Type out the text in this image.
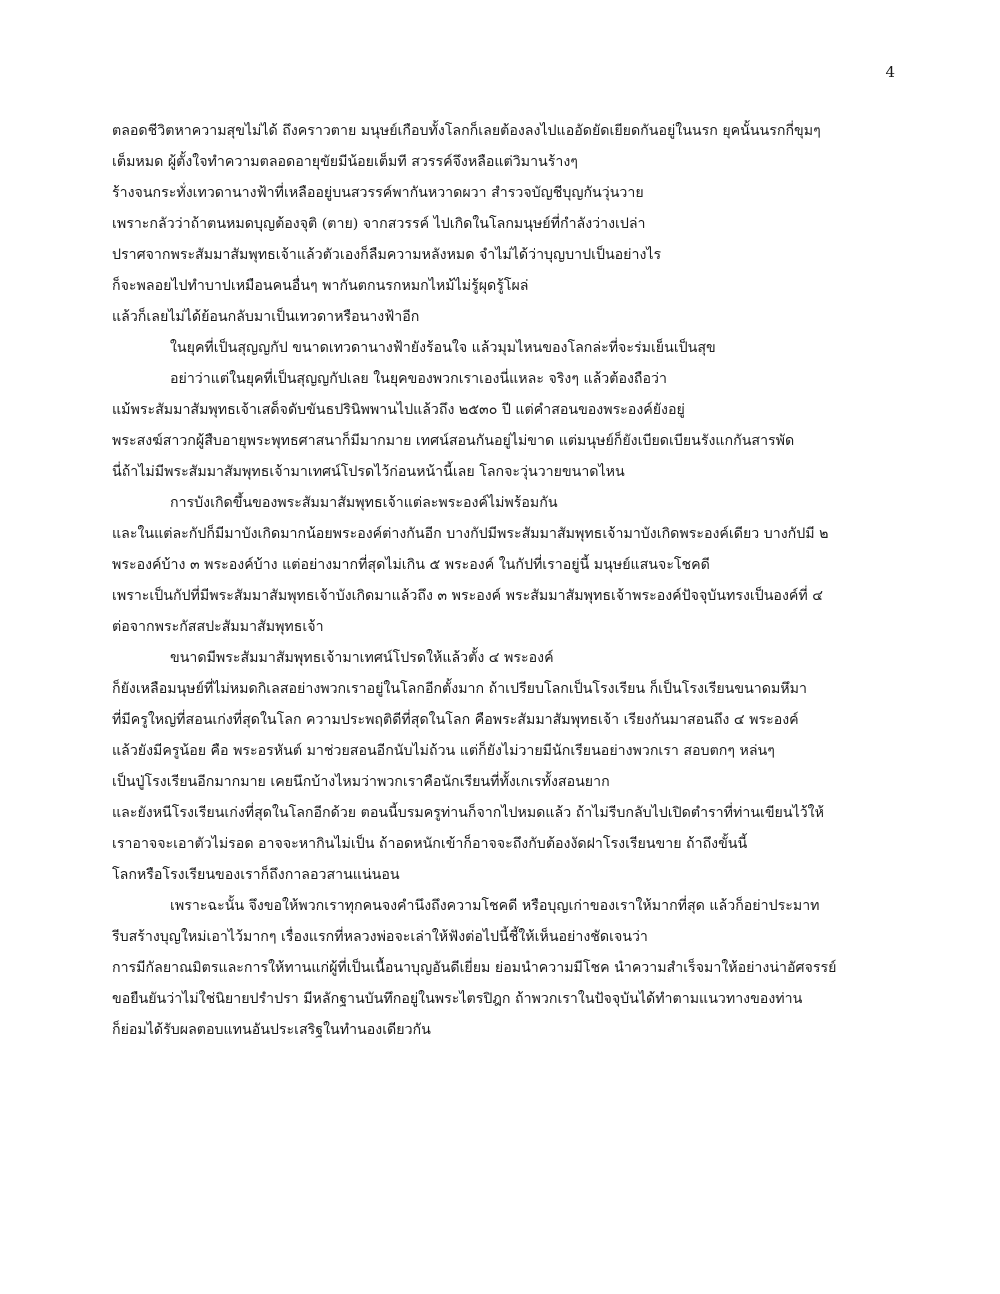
4
ตลอดชีวิตหาความสุขไม่ได้ ถึงคราวตาย มนุษย์เกือบทั้งโลกก็เลยต้องลงไปแออัดยัดเยียดกันอยู่ในนรก ยุคนั้นนรกกี่ขุมๆ
เต็มหมด ผู้ตั้งใจทำความตลอดอายุขัยมีน้อยเต็มที สวรรค์จึงหลือแต่วิมานร้างๆ
ร้างจนกระทั่งเทวดานางฟ้าที่เหลืออยู่บนสวรรค์พากันหวาดผวา สำรวจบัญชีบุญกันวุ่นวาย
เพราะกลัวว่าถ้าตนหมดบุญต้องจุติ (ตาย) จากสวรรค์ ไปเกิดในโลกมนุษย์ที่กำลังว่างเปล่า
ปราศจากพระสัมมาสัมพุทธเจ้าแล้วตัวเองก็ลืมความหลังหมด จำไม่ได้ว่าบุญบาปเป็นอย่างไร
ก็จะพลอยไปทำบาปเหมือนคนอื่นๆ พากันตกนรกหมกไหม้ไม่รู้ผุดรู้โผล่
แล้วก็เลยไม่ได้ย้อนกลับมาเป็นเทวดาหรือนางฟ้าอีก
ในยุคที่เป็นสุญญกัป ขนาดเทวดานางฟ้ายังร้อนใจ แล้วมุมไหนของโลกล่ะที่จะร่มเย็นเป็นสุข
อย่าว่าแต่ในยุคที่เป็นสุญญกัปเลย ในยุคของพวกเราเองนี่แหละ จริงๆ แล้วต้องถือว่า
แม้พระสัมมาสัมพุทธเจ้าเสด็จดับขันธปรินิพพานไปแล้วถึง ๒๕๓๐ ปี แต่คำสอนของพระองค์ยังอยู่
พระสงฆ์สาวกผู้สืบอายุพระพุทธศาสนาก็มีมากมาย เทศน์สอนกันอยู่ไม่ขาด แต่มนุษย์ก็ยังเบียดเบียนรังแกกันสารพัด
นี่ถ้าไม่มีพระสัมมาสัมพุทธเจ้ามาเทศน์โปรดไว้ก่อนหน้านี้เลย โลกจะวุ่นวายขนาดไหน
การบังเกิดขึ้นของพระสัมมาสัมพุทธเจ้าแต่ละพระองค์ไม่พร้อมกัน
และในแต่ละกัปก็มีมาบังเกิดมากน้อยพระองค์ต่างกันอีก บางกัปมีพระสัมมาสัมพุทธเจ้ามาบังเกิดพระองค์เดียว บางกัปมี ๒
พระองค์บ้าง ๓ พระองค์บ้าง แต่อย่างมากที่สุดไม่เกิน ๕ พระองค์ ในกัปที่เราอยู่นี้ มนุษย์แสนจะโชคดี
เพราะเป็นกัปที่มีพระสัมมาสัมพุทธเจ้าบังเกิดมาแล้วถึง ๓ พระองค์ พระสัมมาสัมพุทธเจ้าพระองค์ปัจจุบันทรงเป็นองค์ที่ ๔
ต่อจากพระกัสสปะสัมมาสัมพุทธเจ้า
ขนาดมีพระสัมมาสัมพุทธเจ้ามาเทศน์โปรดให้แล้วตั้ง ๔ พระองค์
ก็ยังเหลือมนุษย์ที่ไม่หมดกิเลสอย่างพวกเราอยู่ในโลกอีกตั้งมาก ถ้าเปรียบโลกเป็นโรงเรียน ก็เป็นโรงเรียนขนาดมหึมา
ที่มีครูใหญ่ที่สอนเก่งที่สุดในโลก ความประพฤติดีที่สุดในโลก คือพระสัมมาสัมพุทธเจ้า เรียงกันมาสอนถึง ๔ พระองค์
แล้วยังมีครูน้อย คือ พระอรหันต์ มาช่วยสอนอีกนับไม่ถ้วน แต่ก็ยังไม่วายมีนักเรียนอย่างพวกเรา สอบตกๆ หล่นๆ
เป็นปู่โรงเรียนอีกมากมาย เคยนึกบ้างไหมว่าพวกเราคือนักเรียนที่ทั้งเกเรทั้งสอนยาก
และยังหนีโรงเรียนเก่งที่สุดในโลกอีกด้วย ตอนนี้บรมครูท่านก็จากไปหมดแล้ว ถ้าไม่รีบกลับไปเปิดตำราที่ท่านเขียนไว้ให้
เราอาจจะเอาตัวไม่รอด อาจจะหากินไม่เป็น ถ้าอดหนักเข้าก็อาจจะถึงกับต้องงัดฝาโรงเรียนขาย ถ้าถึงขั้นนี้
โลกหรือโรงเรียนของเราก็ถึงกาลอวสานแน่นอน
เพราะฉะนั้น จึงขอให้พวกเราทุกคนจงคำนึงถึงความโชคดี หรือบุญเก่าของเราให้มากที่สุด แล้วก็อย่าประมาท
รีบสร้างบุญใหม่เอาไว้มากๆ เรื่องแรกที่หลวงพ่อจะเล่าให้ฟังต่อไปนี้ชี้ให้เห็นอย่างชัดเจนว่า
การมีกัลยาณมิตรและการให้ทานแก่ผู้ที่เป็นเนื้อนาบุญอันดีเยี่ยม ย่อมนำความมีโชค นำความสำเร็จมาให้อย่างน่าอัศจรรย์
ขอยืนยันว่าไม่ใช่นิยายปรำปรา มีหลักฐานบันทึกอยู่ในพระไตรปิฎก ถ้าพวกเราในปัจจุบันได้ทำตามแนวทางของท่าน
ก็ย่อมได้รับผลตอบแทนอันประเสริฐในทำนองเดียวกัน
